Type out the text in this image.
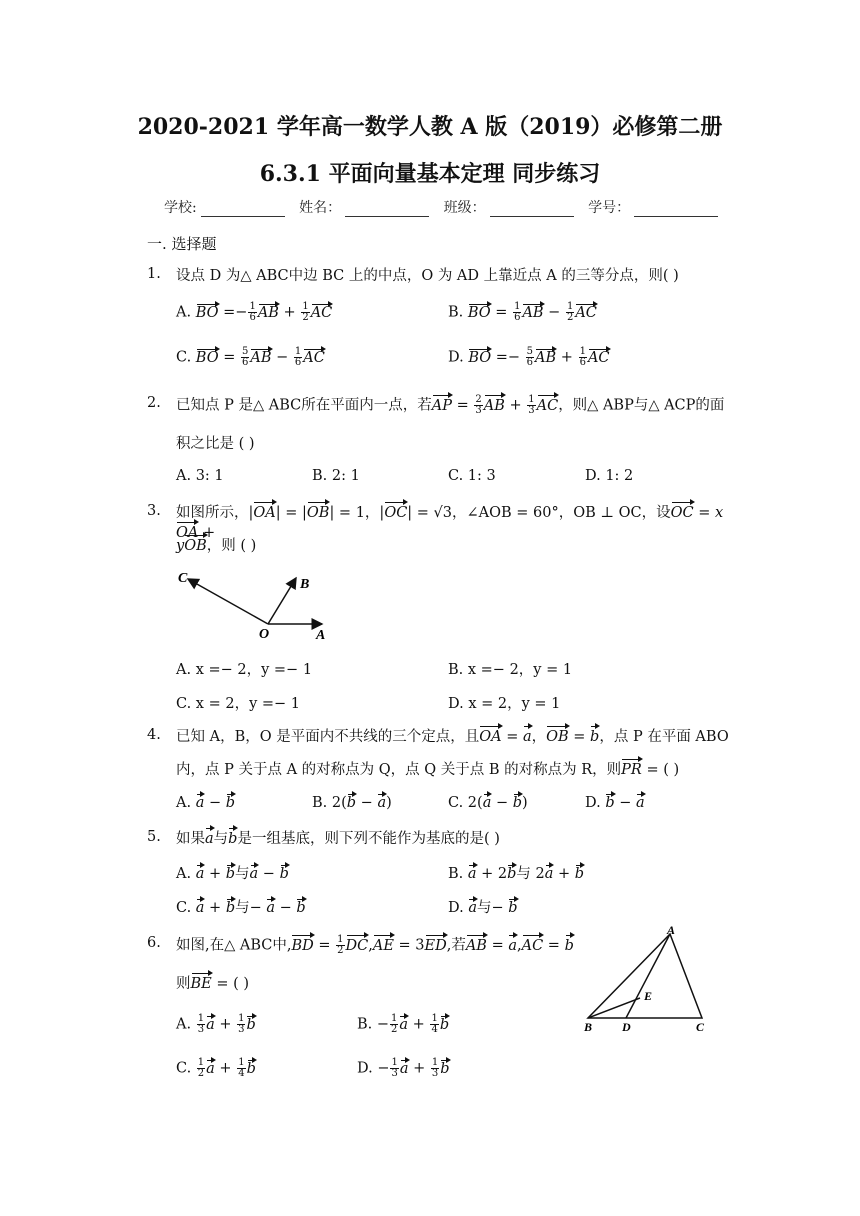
2020-2021 学年高一数学人教 A 版（2019）必修第二册
6.3.1 平面向量基本定理 同步练习
学校:	姓名：	班级：	学号：
一. 选择题
1. 设点 D 为△ ABC中边 BC 上的中点，O 为 AD 上靠近点 A 的三等分点，则( )
A. BO =− $\frac{1}{6}$ AB + $\frac{1}{2}$ AC	B. BO = $\frac{1}{6}$ AB − $\frac{1}{2}$ AC
C. BO = $\frac{5}{6}$ AB − $\frac{1}{6}$ AC	D. BO =− $\frac{5}{6}$ AB + $\frac{1}{6}$ AC
2. 已知点 P 是△ ABC所在平面内一点，若AP = $\frac{2}{3}$ AB + $\frac{1}{3}$ AC，则△ ABP与△ ACP的面
积之比是 ( )
A. 3: 1	B. 2: 1	C. 1: 3	D. 1: 2
3. 如图所示，|OA| = |OB| = 1，|OC| = √3，∠AOB = 60°，OB ⊥ OC，设OC = xOA +
yOB，则 ( )
C	B
O	A
A. x =− 2，y =− 1	B. x =− 2，y = 1
C. x = 2，y =− 1	D. x = 2，y = 1
4. 已知 A，B，O 是平面内不共线的三个定点，且OA = a，OB = b，点 P 在平面 ABO
内，点 P 关于点 A 的对称点为 Q，点 Q 关于点 B 的对称点为 R，则PR = ( )
A. a − b	B. 2(b − a)	C. 2(a − b)	D. b − a
5. 如果a与b是一组基底，则下列不能作为基底的是( )
A. a + b与a − b	B. a + 2b与 2a + b
C. a + b与− a − b	D. a与− b
6. 如图,在△ ABC中$,BD = \frac{1}{2} DC,AE = 3ED$,若AB = a,AC = b
则BE = ( )
A. $\frac{1}{3}$ $a + \frac{1}{3}$ b	B. − $\frac{1}{2}$ $a + \frac{1}{4}$ b
C. $\frac{1}{2}$ $a + \frac{1}{4}$ b	D. − $\frac{1}{3}$ $a + \frac{1}{3}$ b
A
E
B D	C
